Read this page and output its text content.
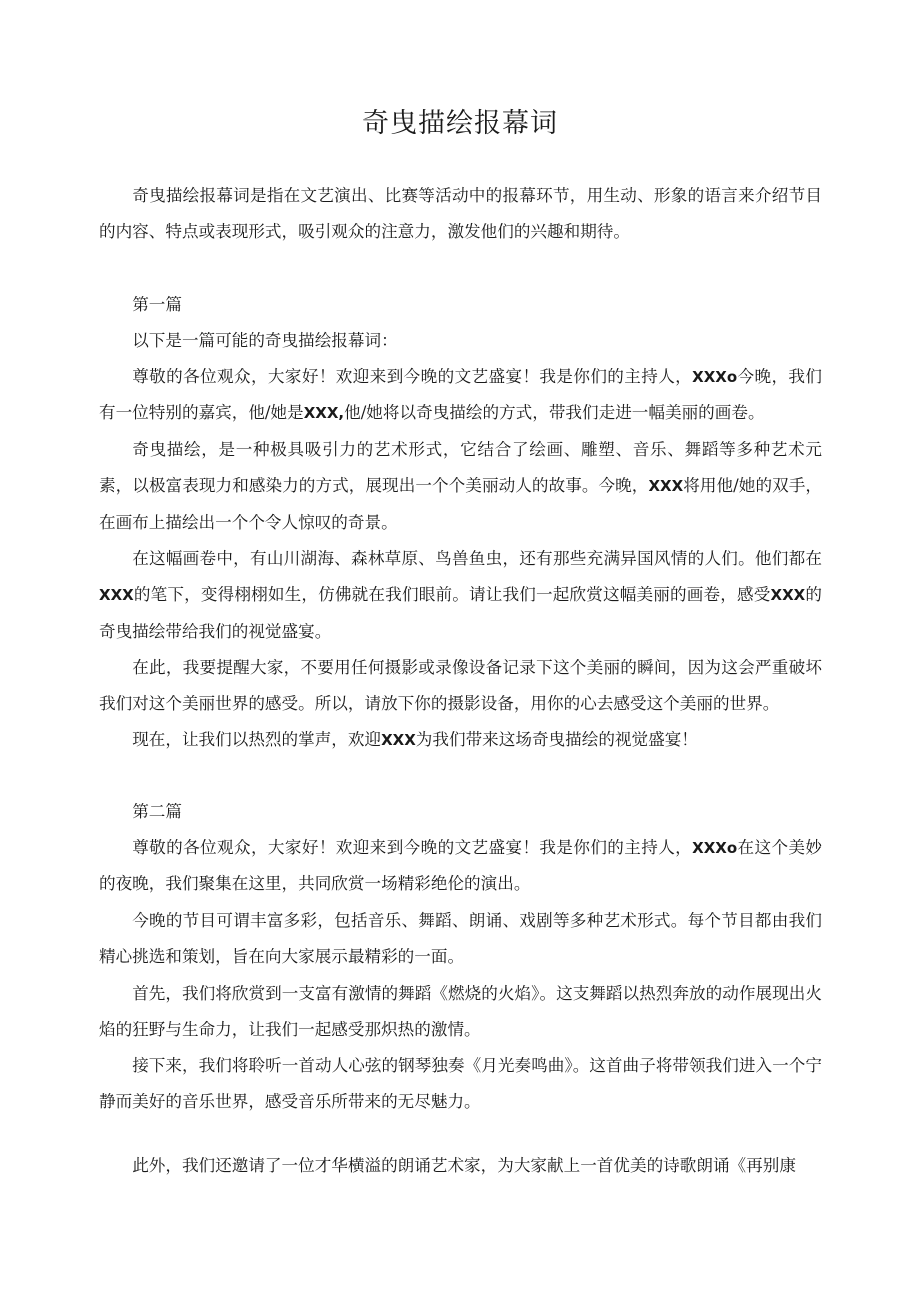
奇曳描绘报幕词

奇曳描绘报幕词是指在文艺演出、比赛等活动中的报幕环节，用生动、形象的语言来介绍节目的内容、特点或表现形式，吸引观众的注意力，激发他们的兴趣和期待。

第一篇

以下是一篇可能的奇曳描绘报幕词：

尊敬的各位观众，大家好！欢迎来到今晚的文艺盛宴！我是你们的主持人，XXXo今晚，我们有一位特别的嘉宾，他/她是XXX,他/她将以奇曳描绘的方式，带我们走进一幅美丽的画卷。

奇曳描绘，是一种极具吸引力的艺术形式，它结合了绘画、雕塑、音乐、舞蹈等多种艺术元素，以极富表现力和感染力的方式，展现出一个个美丽动人的故事。今晚，XXX将用他/她的双手，在画布上描绘出一个个令人惊叹的奇景。

在这幅画卷中，有山川湖海、森林草原、鸟兽鱼虫，还有那些充满异国风情的人们。他们都在XXX的笔下，变得栩栩如生，仿佛就在我们眼前。请让我们一起欣赏这幅美丽的画卷，感受XXX的奇曳描绘带给我们的视觉盛宴。

在此，我要提醒大家，不要用任何摄影或录像设备记录下这个美丽的瞬间，因为这会严重破坏我们对这个美丽世界的感受。所以，请放下你的摄影设备，用你的心去感受这个美丽的世界。

现在，让我们以热烈的掌声，欢迎XXX为我们带来这场奇曳描绘的视觉盛宴！

第二篇

尊敬的各位观众，大家好！欢迎来到今晚的文艺盛宴！我是你们的主持人，XXXo在这个美妙的夜晚，我们聚集在这里，共同欣赏一场精彩绝伦的演出。

今晚的节目可谓丰富多彩，包括音乐、舞蹈、朗诵、戏剧等多种艺术形式。每个节目都由我们精心挑选和策划，旨在向大家展示最精彩的一面。

首先，我们将欣赏到一支富有激情的舞蹈《燃烧的火焰》。这支舞蹈以热烈奔放的动作展现出火焰的狂野与生命力，让我们一起感受那炽热的激情。

接下来，我们将聆听一首动人心弦的钢琴独奏《月光奏鸣曲》。这首曲子将带领我们进入一个宁静而美好的音乐世界，感受音乐所带来的无尽魅力。

此外，我们还邀请了一位才华横溢的朗诵艺术家，为大家献上一首优美的诗歌朗诵《再别康
